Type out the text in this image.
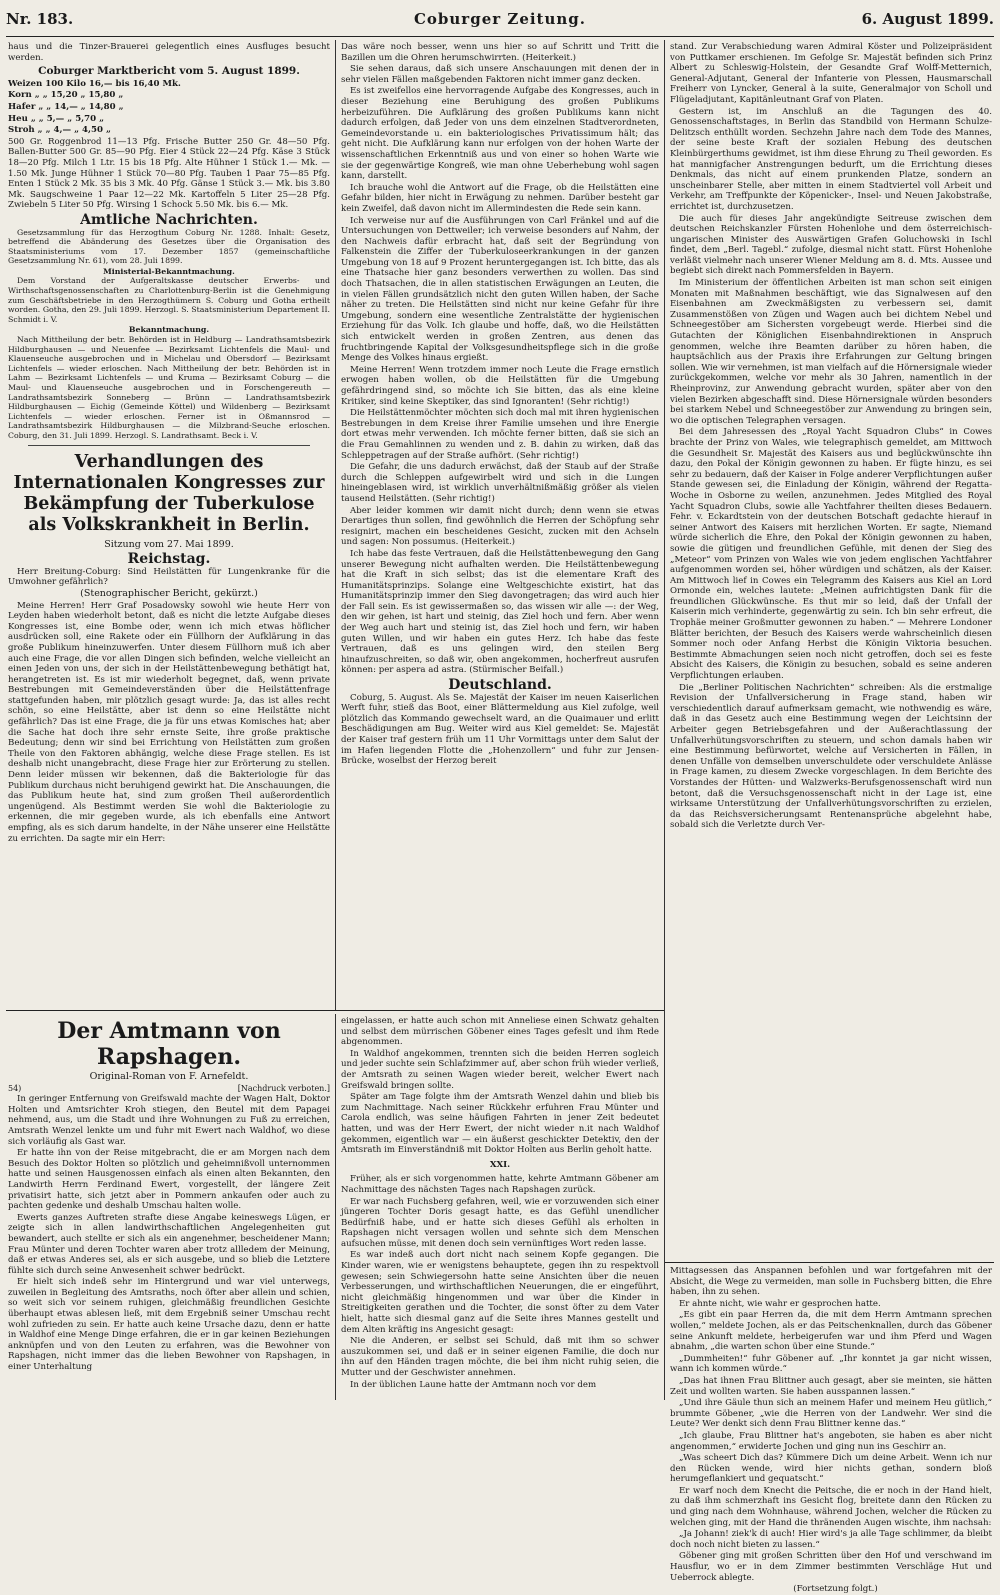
Nr. 183.	Coburger Zeitung.	6. August 1899.

haus und die Tinzer-Brauerei gelegentlich eines Ausfluges besucht werden.

Coburger Marktbericht vom 5. August 1899.

Weizen 100 Kilo 16,— bis 16,40 Mk.

Korn „ „ 15,20 „ 15,80 „

Hafer „ „ 14,— „ 14,80 „

Heu „ „ 5,— „ 5,70 „

Stroh „ „ 4,— „ 4,50 „

500 Gr. Roggenbrod 11—13 Pfg. Frische Butter 250 Gr. 48—50 Pfg. Ballen-Butter 500 Gr. 85—90 Pfg. Eier 4 Stück 22—24 Pfg. Käse 3 Stück 18—20 Pfg. Milch 1 Ltr. 15 bis 18 Pfg. Alte Hühner 1 Stück 1.— Mk. — 1.50 Mk. Junge Hühner 1 Stück 70—80 Pfg. Tauben 1 Paar 75—85 Pfg. Enten 1 Stück 2 Mk. 35 bis 3 Mk. 40 Pfg. Gänse 1 Stück 3.— Mk. bis 3.80 Mk. Saugschweine 1 Paar 12—22 Mk. Kartoffeln 5 Liter 25—28 Pfg. Zwiebeln 5 Liter 50 Pfg. Wirsing 1 Schock 5.50 Mk. bis 6.— Mk.

Amtliche Nachrichten.

Gesetzsammlung für das Herzogthum Coburg Nr. 1288. Inhalt: Gesetz, betreffend die Abänderung des Gesetzes über die Organisation des Staatsministeriums vom 17. Dezember 1857 (gemeinschaftliche Gesetzsammlung Nr. 61), vom 28. Juli 1899.

Ministerial-Bekanntmachung.

Dem Vorstand der Aufgeraltskasse deutscher Erwerbs- und Wirthschaftsgenossenschaften zu Charlottenburg-Berlin ist die Genehmigung zum Geschäftsbetriebe in den Herzogthümern S. Coburg und Gotha ertheilt worden. Gotha, den 29. Juli 1899. Herzogl. S. Staatsministerium Departement II. Schmidt i. V.

Bekanntmachung.

Nach Mittheilung der betr. Behörden ist in Heldburg — Landrathsamtsbezirk Hildburghausen — und Neuenfee — Bezirksamt Lichtenfels die Maul- und Klauenseuche ausgebrochen und in Michelau und Obersdorf — Bezirksamt Lichtenfels — wieder erloschen. Nach Mittheilung der betr. Behörden ist in Lahm — Bezirksamt Lichtenfels — und Kruma — Bezirksamt Coburg — die Maul- und Klauenseuche ausgebrochen und in Forschengereuth — Landrathsamtsbezirk Sonneberg — Brünn — Landrathsamtsbezirk Hildburghausen — Eichig (Gemeinde Köttel) und Wildenberg — Bezirksamt Lichtenfels — wieder erloschen. Ferner ist in Oßmannsrod — Landrathsamtsbezirk Hildburghausen — die Milzbrand-Seuche erloschen. Coburg, den 31. Juli 1899. Herzogl. S. Landrathsamt. Beck i. V.

Verhandlungen des Internationalen Kongresses zur Bekämpfung der Tuberkulose als Volkskrankheit in Berlin.
Sitzung vom 27. Mai 1899.
Reichstag.

Herr Breitung-Coburg: Sind Heilstätten für Lungenkranke für die Umwohner gefährlich?

(Stenographischer Bericht, gekürzt.)

Meine Herren! Herr Graf Posadowsky sowohl wie heute Herr von Leyden haben wiederholt betont, daß es nicht die letzte Aufgabe dieses Kongresses ist, eine Bombe oder, wenn ich mich etwas höflicher ausdrücken soll, eine Rakete oder ein Füllhorn der Aufklärung in das große Publikum hineinzuwerfen. Unter diesem Füllhorn muß ich aber auch eine Frage, die vor allen Dingen sich befinden, welche vielleicht an einen Jeden von uns, der sich in der Heilstättenbewegung bethätigt hat, herangetreten ist. Es ist mir wiederholt begegnet, daß, wenn private Bestrebungen mit Gemeindeverständen über die Heilstättenfrage stattgefunden haben, mir plötzlich gesagt wurde: Ja, das ist alles recht schön, so eine Heilstätte, aber ist denn so eine Heilstätte nicht gefährlich? Das ist eine Frage, die ja für uns etwas Komisches hat; aber die Sache hat doch ihre sehr ernste Seite, ihre große praktische Bedeutung; denn wir sind bei Errichtung von Heilstätten zum großen Theile von den Faktoren abhängig, welche diese Frage stellen. Es ist deshalb nicht unangebracht, diese Frage hier zur Erörterung zu stellen. Denn leider müssen wir bekennen, daß die Bakteriologie für das Publikum durchaus nicht beruhigend gewirkt hat. Die Anschauungen, die das Publikum heute hat, sind zum großen Theil außerordentlich ungenügend. Als Bestimmt werden Sie wohl die Bakteriologie zu erkennen, die mir gegeben wurde, als ich ebenfalls eine Antwort empfing, als es sich darum handelte, in der Nähe unserer eine Heilstätte zu errichten. Da sagte mir ein Herr:

Das wäre noch besser, wenn uns hier so auf Schritt und Tritt die Bazillen um die Ohren herumschwirrten. (Heiterkeit.)

Sie sehen daraus, daß sich unsere Anschauungen mit denen der in sehr vielen Fällen maßgebenden Faktoren nicht immer ganz decken.

Es ist zweifellos eine hervorragende Aufgabe des Kongresses, auch in dieser Beziehung eine Beruhigung des großen Publikums herbeizuführen. Die Aufklärung des großen Publikums kann nicht dadurch erfolgen, daß Jeder von uns dem einzelnen Stadtverordneten, Gemeindevorstande u. ein bakteriologisches Privatissimum hält; das geht nicht. Die Aufklärung kann nur erfolgen von der hohen Warte der wissenschaftlichen Erkenntniß aus und von einer so hohen Warte wie sie der gegenwärtige Kongreß, wie man ohne Ueberhebung wohl sagen kann, darstellt.

Ich brauche wohl die Antwort auf die Frage, ob die Heilstätten eine Gefahr bilden, hier nicht in Erwägung zu nehmen. Darüber besteht gar kein Zweifel, daß davon nicht im Allermindesten die Rede sein kann.

Ich verweise nur auf die Ausführungen von Carl Fränkel und auf die Untersuchungen von Dettweiler; ich verweise besonders auf Nahm, der den Nachweis dafür erbracht hat, daß seit der Begründung von Falkenstein die Ziffer der Tuberkuloseerkrankungen in der ganzen Umgebung von 18 auf 9 Prozent heruntergegangen ist. Ich bitte, das als eine Thatsache hier ganz besonders verwerthen zu wollen. Das sind doch Thatsachen, die in allen statistischen Erwägungen an Leuten, die in vielen Fällen grundsätzlich nicht den guten Willen haben, der Sache näher zu treten. Die Heilstätten sind nicht nur keine Gefahr für ihre Umgebung, sondern eine wesentliche Zentralstätte der hygienischen Erziehung für das Volk. Ich glaube und hoffe, daß, wo die Heilstätten sich entwickelt werden in großen Zentren, aus denen das fruchtbringende Kapital der Volksgesundheitspflege sich in die große Menge des Volkes hinaus ergießt.

Meine Herren! Wenn trotzdem immer noch Leute die Frage ernstlich erwogen haben wollen, ob die Heilstätten für die Umgebung gefährdringend sind, so möchte ich Sie bitten, das als eine kleine Kritiker, sind keine Skeptiker, das sind Ignoranten! (Sehr richtig!)

Die Heilstättenmöchter möchten sich doch mal mit ihren hygienischen Bestrebungen in dem Kreise ihrer Familie umsehen und ihre Energie dort etwas mehr verwenden. Ich möchte ferner bitten, daß sie sich an die Frau Gemahlinnen zu wenden und z. B. dahin zu wirken, daß das Schleppetragen auf der Straße aufhört. (Sehr richtig!)

Die Gefahr, die uns dadurch erwächst, daß der Staub auf der Straße durch die Schleppen aufgewirbelt wird und sich in die Lungen hineingeblasen wird, ist wirklich unverhältnißmäßig größer als vielen tausend Heilstätten. (Sehr richtig!)

Aber leider kommen wir damit nicht durch; denn wenn sie etwas Derartiges thun sollen, find gewöhnlich die Herren der Schöpfung sehr resignirt, machen ein bescheidenes Gesicht, zucken mit den Achseln und sagen: Non possumus. (Heiterkeit.)

Ich habe das feste Vertrauen, daß die Heilstättenbewegung den Gang unserer Bewegung nicht aufhalten werden. Die Heilstättenbewegung hat die Kraft in sich selbst; das ist die elementare Kraft des Humanitätsprinzips. Solange eine Weltgeschichte existirt, hat das Humanitätsprinzip immer den Sieg davongetragen; das wird auch hier der Fall sein. Es ist gewissermaßen so, das wissen wir alle —: der Weg, den wir gehen, ist hart und steinig, das Ziel hoch und fern. Aber wenn der Weg auch hart und steinig ist, das Ziel hoch und fern, wir haben guten Willen, und wir haben ein gutes Herz. Ich habe das feste Vertrauen, daß es uns gelingen wird, den steilen Berg hinaufzuschreiten, so daß wir, oben angekommen, hocherfreut ausrufen können: per aspera ad astra. (Stürmischer Beifall.)

Deutschland.

Coburg, 5. August. Als Se. Majestät der Kaiser im neuen Kaiserlichen Werft fuhr, stieß das Boot, einer Blättermeldung aus Kiel zufolge, weil plötzlich das Kommando gewechselt ward, an die Quaimauer und erlitt Beschädigungen am Bug. Weiter wird aus Kiel gemeldet: Se. Majestät der Kaiser traf gestern früh um 11 Uhr Vormittags unter dem Salut der im Hafen liegenden Flotte die „Hohenzollern“ und fuhr zur Jensen-Brücke, woselbst der Herzog bereit

stand. Zur Verabschiedung waren Admiral Köster und Polizeipräsident von Puttkamer erschienen. Im Gefolge Sr. Majestät befinden sich Prinz Albert zu Schleswig-Holstein, der Gesandte Graf Wolff-Metternich, General-Adjutant, General der Infanterie von Plessen, Hausmarschall Freiherr von Lyncker, General à la suite, Generalmajor von Scholl und Flügeladjutant, Kapitänleutnant Graf von Platen.

Gestern ist, im Anschluß an die Tagungen des 40. Genossenschaftstages, in Berlin das Standbild von Hermann Schulze-Delitzsch enthüllt worden. Sechzehn Jahre nach dem Tode des Mannes, der seine beste Kraft der sozialen Hebung des deutschen Kleinbürgerthums gewidmet, ist ihm diese Ehrung zu Theil geworden. Es hat mannigfacher Anstrengungen bedurft, um die Errichtung dieses Denkmals, das nicht auf einem prunkenden Platze, sondern an unscheinbarer Stelle, aber mitten in einem Stadtviertel voll Arbeit und Verkehr, am Treffpunkte der Köpenicker-, Insel- und Neuen Jakobstraße, errichtet ist, durchzusetzen.

Die auch für dieses Jahr angekündigte Seitreuse zwischen dem deutschen Reichskanzler Fürsten Hohenlohe und dem österreichisch-ungarischen Minister des Auswärtigen Grafen Goluchowski in Ischl findet, dem „Berl. Tagebl.“ zufolge, diesmal nicht statt. Fürst Hohenlohe verläßt vielmehr nach unserer Wiener Meldung am 8. d. Mts. Aussee und begiebt sich direkt nach Pommersfelden in Bayern.

Im Ministerium der öffentlichen Arbeiten ist man schon seit einigen Monaten mit Maßnahmen beschäftigt, wie das Signalwesen auf den Eisenbahnen am Zweckmäßigsten zu verbessern sei, damit Zusammenstößen von Zügen und Wagen auch bei dichtem Nebel und Schneegestöber am Sichersten vorgebeugt werde. Hierbei sind die Gutachten der Königlichen Eisenbahndirektionen in Anspruch genommen, welche ihre Beamten darüber zu hören haben, die hauptsächlich aus der Praxis ihre Erfahrungen zur Geltung bringen sollen. Wie wir vernehmen, ist man vielfach auf die Hörnersignale wieder zurückgekommen, welche vor mehr als 30 Jahren, namentlich in der Rheinprovinz, zur Anwendung gebracht wurden, später aber von den vielen Bezirken abgeschafft sind. Diese Hörnersignale würden besonders bei starkem Nebel und Schneegestöber zur Anwendung zu bringen sein, wo die optischen Telegraphen versagen.

Bei dem Jahresessen des „Royal Yacht Squadron Clubs“ in Cowes brachte der Prinz von Wales, wie telegraphisch gemeldet, am Mittwoch die Gesundheit Sr. Majestät des Kaisers aus und beglückwünschte ihn dazu, den Pokal der Königin gewonnen zu haben. Er fügte hinzu, es sei sehr zu bedauern, daß der Kaiser in Folge anderer Verpflichtungen außer Stande gewesen sei, die Einladung der Königin, während der Regatta-Woche in Osborne zu weilen, anzunehmen. Jedes Mitglied des Royal Yacht Squadron Clubs, sowie alle Yachtfahrer theilten dieses Bedauern. Fehr. v. Eckardtstein von der deutschen Botschaft gedachte hierauf in seiner Antwort des Kaisers mit herzlichen Worten. Er sagte, Niemand würde sicherlich die Ehre, den Pokal der Königin gewonnen zu haben, sowie die gütigen und freundlichen Gefühle, mit denen der Sieg des „Meteor“ vom Prinzen von Wales wie von jedem englischen Yachtfahrer aufgenommen worden sei, höher würdigen und schätzen, als der Kaiser. Am Mittwoch lief in Cowes ein Telegramm des Kaisers aus Kiel an Lord Ormonde ein, welches lautete: „Meinen aufrichtigsten Dank für die freundlichen Glückwünsche. Es thut mir so leid, daß der Unfall der Kaiserin mich verhinderte, gegenwärtig zu sein. Ich bin sehr erfreut, die Trophäe meiner Großmutter gewonnen zu haben.“ — Mehrere Londoner Blätter berichten, der Besuch des Kaisers werde wahrscheinlich diesen Sommer noch oder Anfang Herbst die Königin Viktoria besuchen. Bestimmte Abmachungen seien noch nicht getroffen, doch sei es feste Absicht des Kaisers, die Königin zu besuchen, sobald es seine anderen Verpflichtungen erlauben.

Die „Berliner Politischen Nachrichten“ schreiben: Als die erstmalige Revision der Unfallversicherung in Frage stand, haben wir verschiedentlich darauf aufmerksam gemacht, wie nothwendig es wäre, daß in das Gesetz auch eine Bestimmung wegen der Leichtsinn der Arbeiter gegen Betriebsgefahren und der Außerachtlassung der Unfallverhütungsvorschriften zu steuern, und schon damals haben wir eine Bestimmung befürwortet, welche auf Versicherten in Fällen, in denen Unfälle von demselben unverschuldete oder verschuldete Anlässe in Frage kamen, zu diesem Zwecke vorgeschlagen. In dem Berichte des Vorstandes der Hütten- und Walzwerks-Berufsgenossenschaft wird nun betont, daß die Versuchsgenossenschaft nicht in der Lage ist, eine wirksame Unterstützung der Unfallverhütungsvorschriften zu erzielen, da das Reichsversicherungsamt Rentenansprüche abgelehnt habe, sobald sich die Verletzte durch Ver-

Der Amtmann von Rapshagen.
Original-Roman von F. Arnefeldt.
54)	[Nachdruck verboten.]

In geringer Entfernung von Greifswald machte der Wagen Halt, Doktor Holten und Amtsrichter Kroh stiegen, den Beutel mit dem Papagei nehmend, aus, um die Stadt und ihre Wohnungen zu Fuß zu erreichen, Amtsrath Wenzel lenkte um und fuhr mit Ewert nach Waldhof, wo diese sich vorläufig als Gast war.

Er hatte ihn von der Reise mitgebracht, die er am Morgen nach dem Besuch des Doktor Holten so plötzlich und geheimnißvoll unternommen hatte und seinen Hausgenossen einfach als einen alten Bekannten, den Landwirth Herrn Ferdinand Ewert, vorgestellt, der längere Zeit privatisirt hatte, sich jetzt aber in Pommern ankaufen oder auch zu pachten gedenke und deshalb Umschau halten wolle.

Ewerts ganzes Auftreten strafte diese Angabe keineswegs Lügen, er zeigte sich in allen landwirthschaftlichen Angelegenheiten gut bewandert, auch stellte er sich als ein angenehmer, bescheidener Mann; Frau Münter und deren Tochter waren aber trotz allledem der Meinung, daß er etwas Anderes sei, als er sich ausgebe, und so blieb die Letztere fühlte sich durch seine Anwesenheit schwer bedrückt.

Er hielt sich indeß sehr im Hintergrund und war viel unterwegs, zuweilen in Begleitung des Amtsraths, noch öfter aber allein und schien, so weit sich vor seinem ruhigen, gleichmäßig freundlichen Gesichte überhaupt etwas ablesen ließ, mit dem Ergebniß seiner Umschau recht wohl zufrieden zu sein. Er hatte auch keine Ursache dazu, denn er hatte in Waldhof eine Menge Dinge erfahren, die er in gar keinen Beziehungen anknüpfen und von den Leuten zu erfahren, was die Bewohner von Rapshagen, nicht immer das die lieben Bewohner von Rapshagen, in einer Unterhaltung

eingelassen, er hatte auch schon mit Anneliese einen Schwatz gehalten und selbst dem mürrischen Göbener eines Tages gefeslt und ihm Rede abgenommen.

In Waldhof angekommen, trennten sich die beiden Herren sogleich und jeder suchte sein Schlafzimmer auf, aber schon früh wieder verließ, der Amtsrath zu seinen Wagen wieder bereit, welcher Ewert nach Greifswald bringen sollte.

Später am Tage folgte ihm der Amtsrath Wenzel dahin und blieb bis zum Nachmittage. Nach seiner Rückkehr erfuhren Frau Münter und Carola endlich, was seine häufigen Fahrten in jener Zeit bedeutet hatten, und was der Herr Ewert, der nicht wieder n.it nach Waldhof gekommen, eigentlich war — ein äußerst geschickter Detektiv, den der Amtsrath im Einverständniß mit Doktor Holten aus Berlin geholt hatte.

XXI.

Früher, als er sich vorgenommen hatte, kehrte Amtmann Göbener am Nachmittage des nächsten Tages nach Rapshagen zurück.

Er war nach Fuchsberg gefahren, weil, wie er vorzuwenden sich einer jüngeren Tochter Doris gesagt hatte, es das Gefühl unendlicher Bedürfniß habe, und er hatte sich dieses Gefühl als erholten in Rapshagen nicht versagen wollen und sehnte sich dem Menschen aufsuchen müsse, mit denen doch sein vernünftiges Wort reden lasse.

Es war indeß auch dort nicht nach seinem Kopfe gegangen. Die Kinder waren, wie er wenigstens behauptete, gegen ihn zu respektvoll gewesen; sein Schwiegersohn hatte seine Ansichten über die neuen Verbesserungen, und wirthschaftlichen Neuerungen, die er eingeführt, nicht gleichmäßig hingenommen und war über die Kinder in Streitigkeiten gerathen und die Tochter, die sonst öfter zu dem Vater hielt, hatte sich diesmal ganz auf die Seite ihres Mannes gestellt und dem Alten kräftig ins Angesicht gesagt:

Nie die Anderen, er selbst sei Schuld, daß mit ihm so schwer auszukommen sei, und daß er in seiner eigenen Familie, die doch nur ihn auf den Händen tragen möchte, die bei ihm nicht ruhig seien, die Mutter und der Geschwister annehmen.

In der üblichen Laune hatte der Amtmann noch vor dem

Mittagsessen das Anspannen befohlen und war fortgefahren mit der Absicht, die Wege zu vermeiden, man solle in Fuchsberg bitten, die Ehre haben, ihn zu sehen.

Er ahnte nicht, wie wahr er gesprochen hatte.

„Es gibt ein paar Herren da, die mit dem Herrn Amtmann sprechen wollen,“ meldete Jochen, als er das Peitschenknallen, durch das Göbener seine Ankunft meldete, herbeigerufen war und ihm Pferd und Wagen abnahm, „die warten schon über eine Stunde.“

„Dummheiten!“ fuhr Göbener auf. „Ihr konntet ja gar nicht wissen, wann ich kommen würde.“

„Das hat ihnen Frau Blittner auch gesagt, aber sie meinten, sie hätten Zeit und wollten warten. Sie haben ausspannen lassen.“

„Und ihre Gäule thun sich an meinem Hafer und meinem Heu gütlich,“ brummte Göbener, „wie die Herren von der Landwehr. Wer sind die Leute? Wer denkt sich denn Frau Blittner kenne das.“

„Ich glaube, Frau Blittner hat's angeboten, sie haben es aber nicht angenommen,“ erwiderte Jochen und ging nun ins Geschirr an.

„Was scheert Dich das? Kümmere Dich um deine Arbeit. Wenn ich nur den Rücken wende, wird hier nichts gethan, sondern bloß herumgeflankiert und gequatscht.“

Er warf noch dem Knecht die Peitsche, die er noch in der Hand hielt, zu daß ihm schmerzhaft ins Gesicht flog, breitete dann den Rücken zu und ging nach dem Wohnhause, während Jochen, welcher die Rücken zu welchen ging, mit der Hand die thränenden Augen wischte, ihm nachsah:

„Ja Johann! ziek'k di auch! Hier wird's ja alle Tage schlimmer, da bleibt doch noch nicht bieten zu lassen.“

Göbener ging mit großen Schritten über den Hof und verschwand im Hausflur, wo er in dem Zimmer bestimmten Verschläge Hut und Ueberrock ablegte.

(Fortsetzung folgt.)
